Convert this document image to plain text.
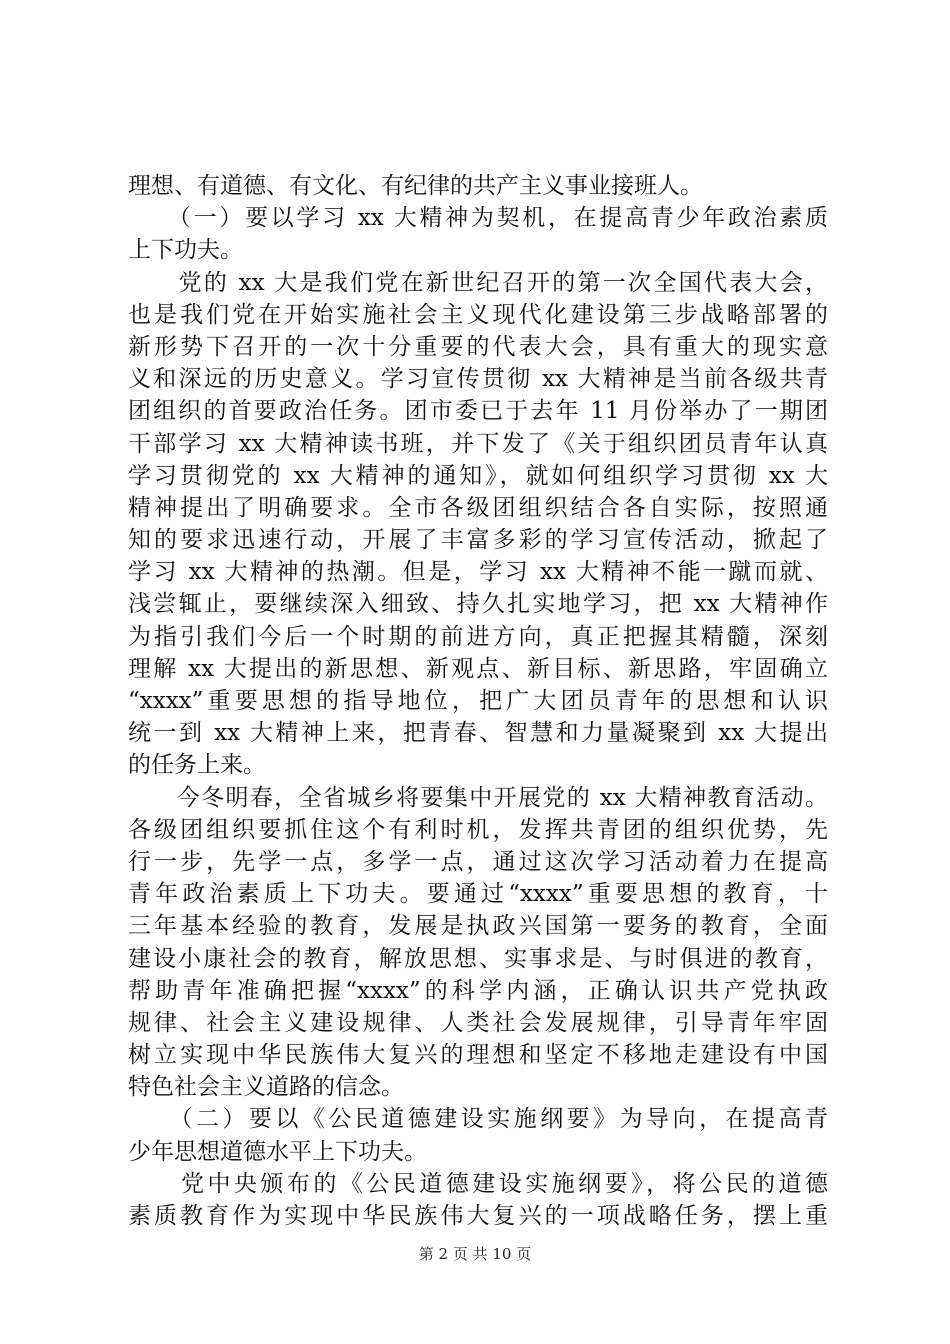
理想、有道德、有文化、有纪律的共产主义事业接班人。
　　（一）要以学习 xx 大精神为契机，在提高青少年政治素质
上下功夫。
　　党的 xx 大是我们党在新世纪召开的第一次全国代表大会，
也是我们党在开始实施社会主义现代化建设第三步战略部署的
新形势下召开的一次十分重要的代表大会，具有重大的现实意
义和深远的历史意义。学习宣传贯彻 xx 大精神是当前各级共青
团组织的首要政治任务。团市委已于去年 11 月份举办了一期团
干部学习 xx 大精神读书班，并下发了《关于组织团员青年认真
学习贯彻党的 xx 大精神的通知》，就如何组织学习贯彻 xx 大
精神提出了明确要求。全市各级团组织结合各自实际，按照通
知的要求迅速行动，开展了丰富多彩的学习宣传活动，掀起了
学习 xx 大精神的热潮。但是，学习 xx 大精神不能一蹴而就、
浅尝辄止，要继续深入细致、持久扎实地学习，把 xx 大精神作
为指引我们今后一个时期的前进方向，真正把握其精髓，深刻
理解 xx 大提出的新思想、新观点、新目标、新思路，牢固确立
“xxxx”重要思想的指导地位，把广大团员青年的思想和认识
统一到 xx 大精神上来，把青春、智慧和力量凝聚到 xx 大提出
的任务上来。
　　今冬明春，全省城乡将要集中开展党的 xx 大精神教育活动。
各级团组织要抓住这个有利时机，发挥共青团的组织优势，先
行一步，先学一点，多学一点，通过这次学习活动着力在提高
青年政治素质上下功夫。要通过“xxxx”重要思想的教育，十
三年基本经验的教育，发展是执政兴国第一要务的教育，全面
建设小康社会的教育，解放思想、实事求是、与时俱进的教育，
帮助青年准确把握“xxxx”的科学内涵，正确认识共产党执政
规律、社会主义建设规律、人类社会发展规律，引导青年牢固
树立实现中华民族伟大复兴的理想和坚定不移地走建设有中国
特色社会主义道路的信念。
　　（二）要以《公民道德建设实施纲要》为导向，在提高青
少年思想道德水平上下功夫。
　　党中央颁布的《公民道德建设实施纲要》，将公民的道德
素质教育作为实现中华民族伟大复兴的一项战略任务，摆上重
第 2 页 共 10 页
